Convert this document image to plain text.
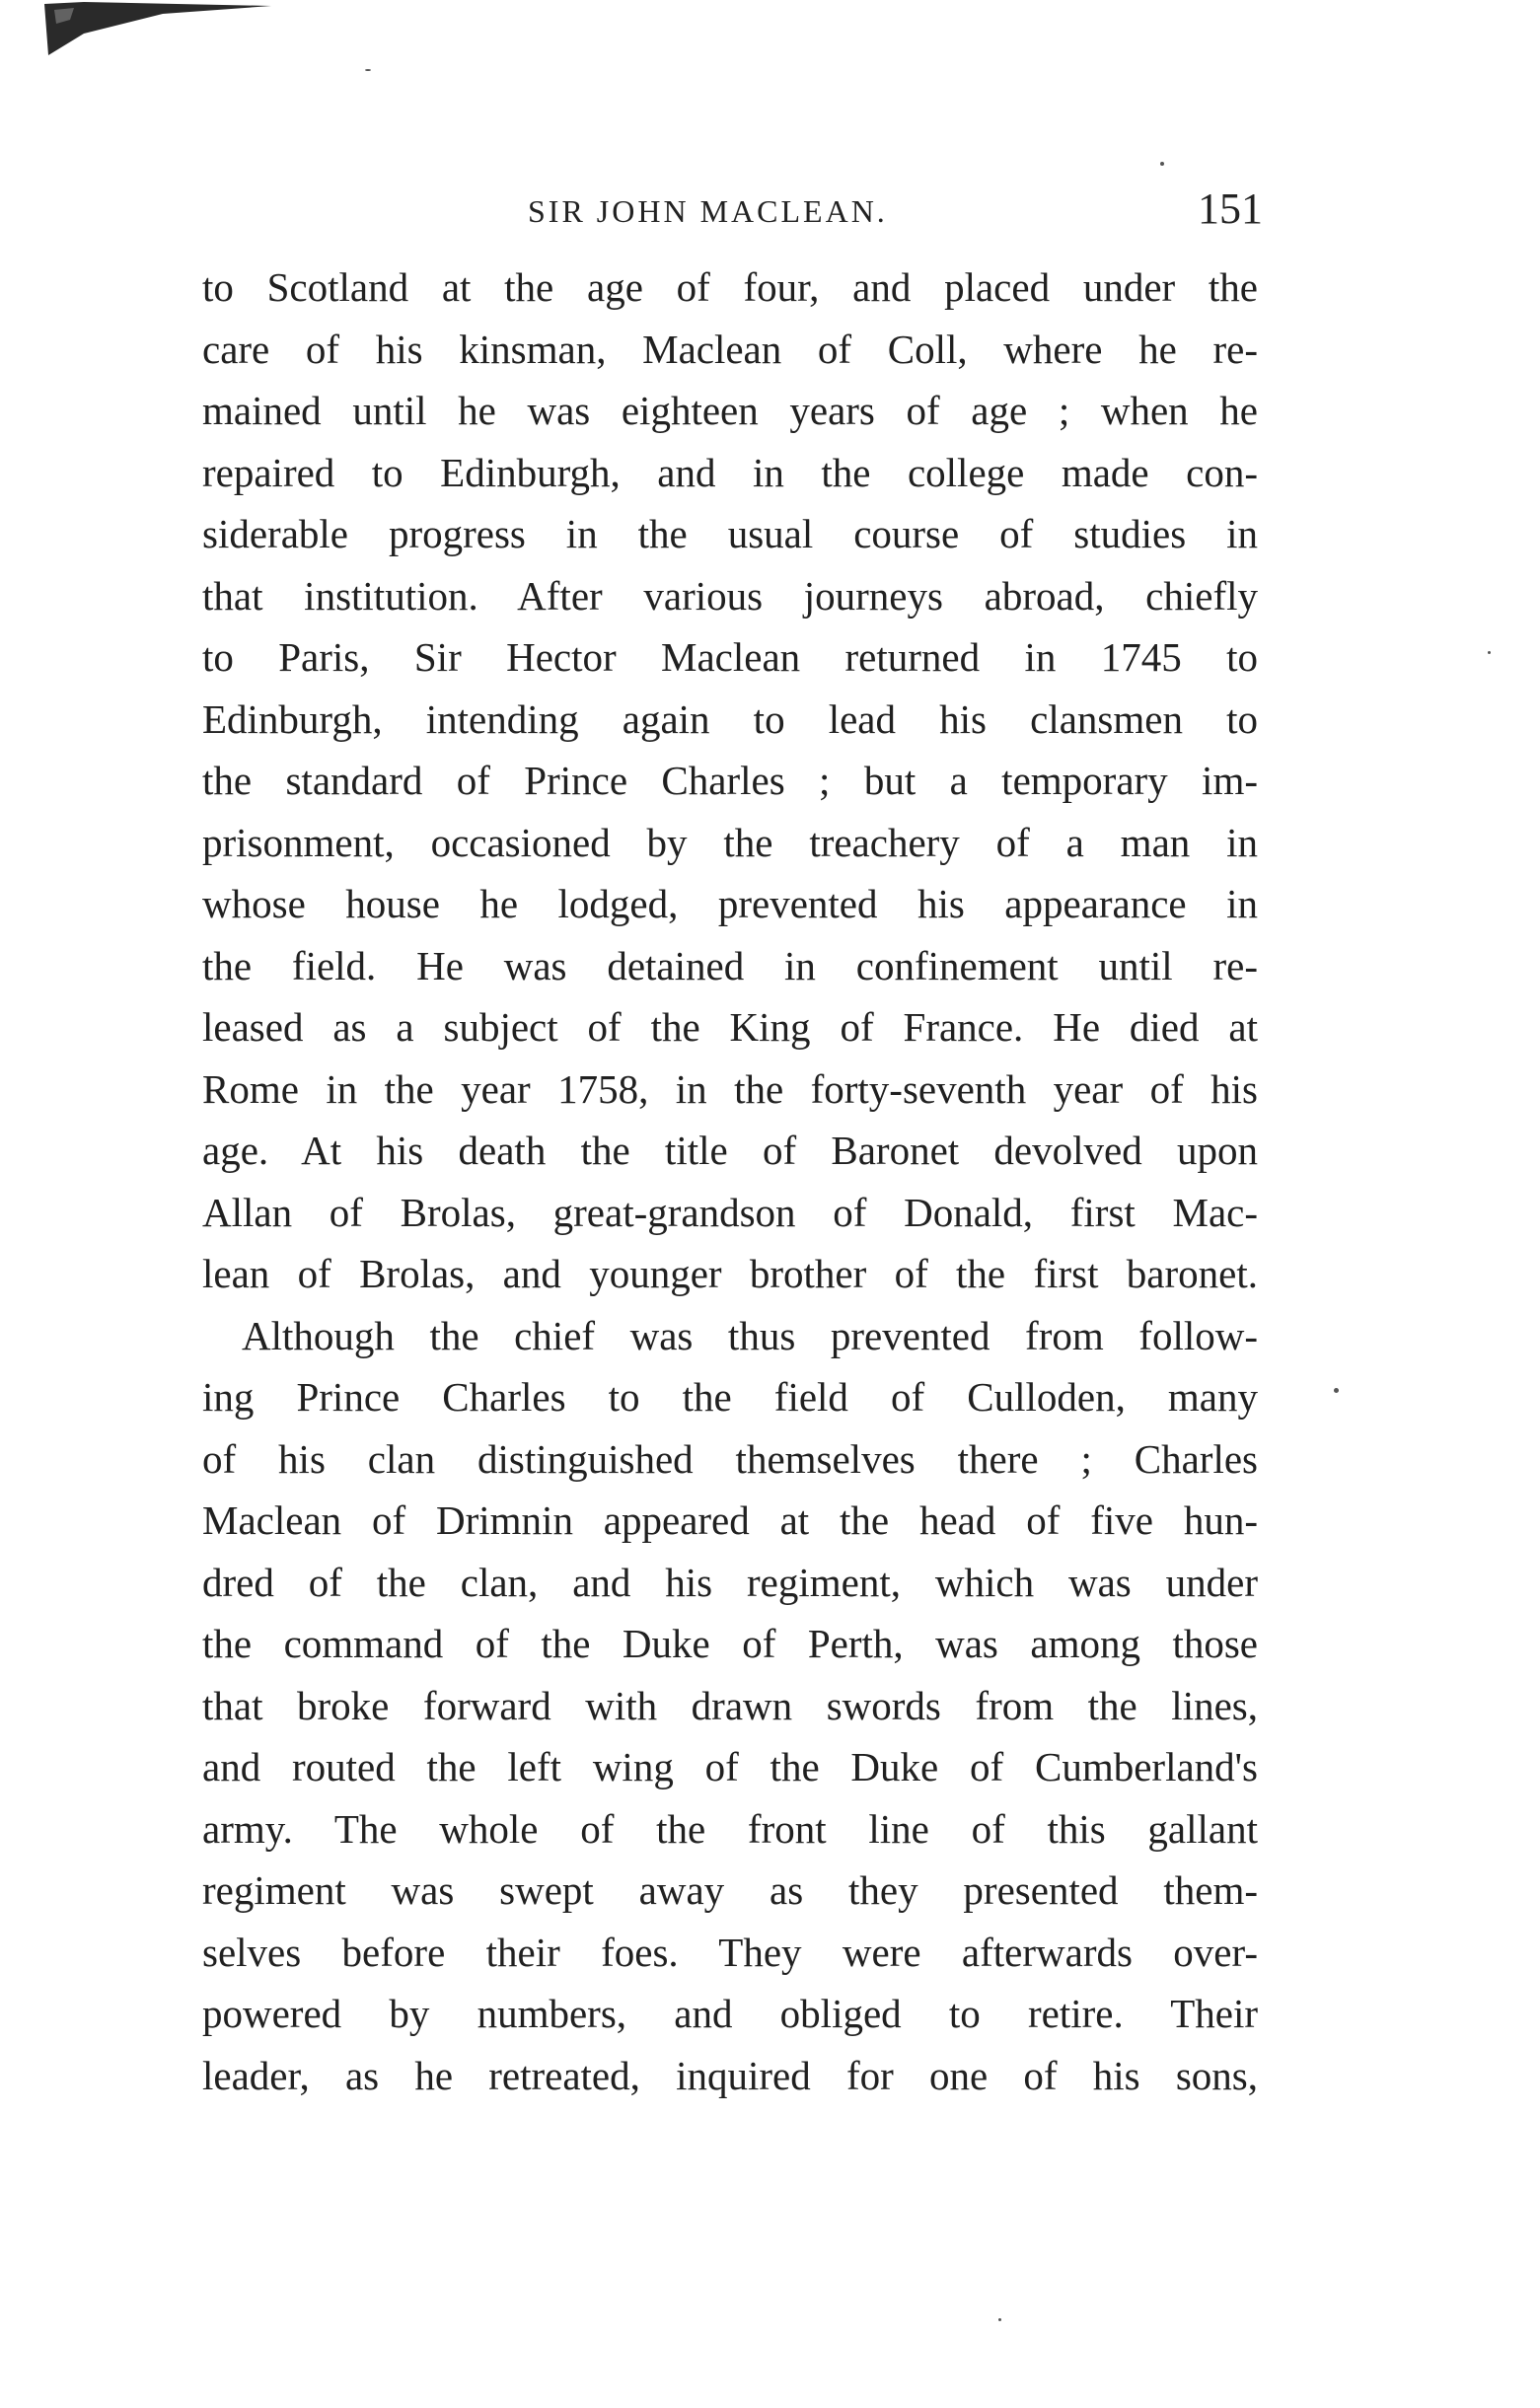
SIR JOHN MACLEAN.	151
to Scotland at the age of four, and placed under the
care of his kinsman, Maclean of Coll, where he re-
mained until he was eighteen years of age ; when he
repaired to Edinburgh, and in the college made con-
siderable progress in the usual course of studies in
that institution. After various journeys abroad, chiefly
to Paris, Sir Hector Maclean returned in 1745 to
Edinburgh, intending again to lead his clansmen to
the standard of Prince Charles ; but a temporary im-
prisonment, occasioned by the treachery of a man in
whose house he lodged, prevented his appearance in
the field. He was detained in confinement until re-
leased as a subject of the King of France. He died at
Rome in the year 1758, in the forty-seventh year of his
age. At his death the title of Baronet devolved upon
Allan of Brolas, great-grandson of Donald, first Mac-
lean of Brolas, and younger brother of the first baronet.
Although the chief was thus prevented from follow-
ing Prince Charles to the field of Culloden, many
of his clan distinguished themselves there ; Charles
Maclean of Drimnin appeared at the head of five hun-
dred of the clan, and his regiment, which was under
the command of the Duke of Perth, was among those
that broke forward with drawn swords from the lines,
and routed the left wing of the Duke of Cumberland's
army. The whole of the front line of this gallant
regiment was swept away as they presented them-
selves before their foes. They were afterwards over-
powered by numbers, and obliged to retire. Their
leader, as he retreated, inquired for one of his sons,
